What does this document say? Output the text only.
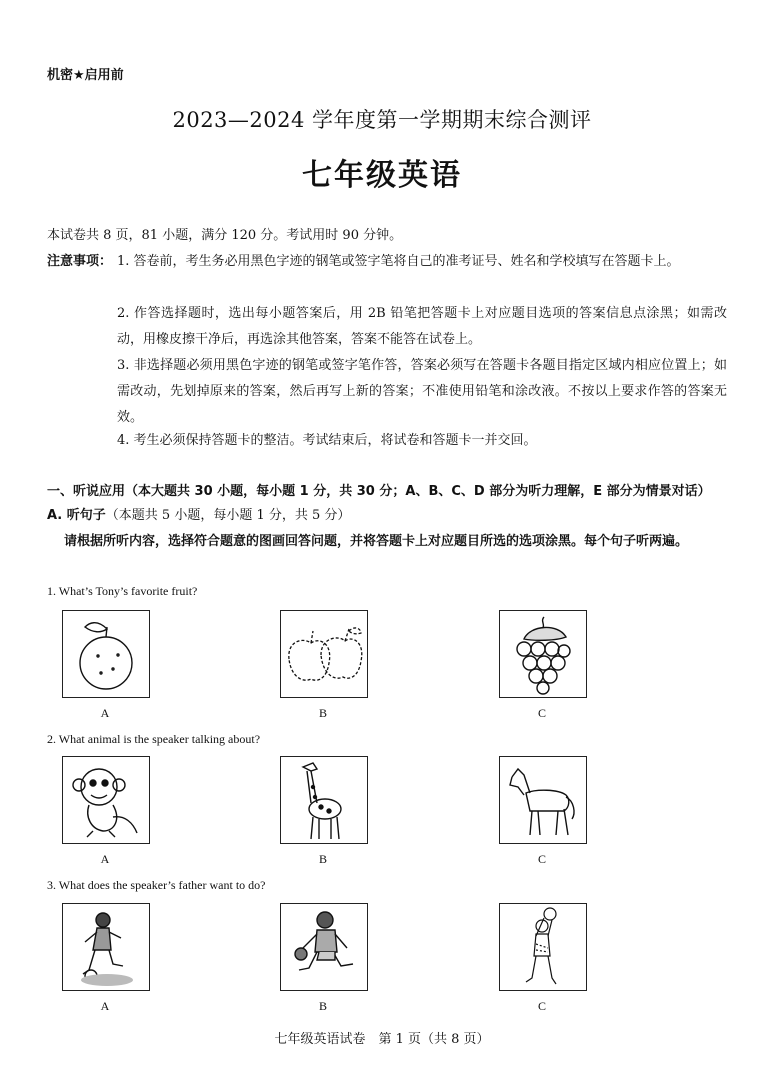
机密★启用前
2023—2024 学年度第一学期期末综合测评
七年级英语
本试卷共 8 页，81 小题，满分 120 分。考试用时 90 分钟。
注意事项： 1. 答卷前，考生务必用黑色字迹的钢笔或签字笔将自己的准考证号、姓名和学校填写在答题卡上。
2. 作答选择题时，选出每小题答案后，用 2B 铅笔把答题卡上对应题目选项的答案信息点涂黑；如需改动，用橡皮擦干净后，再选涂其他答案，答案不能答在试卷上。
3. 非选择题必须用黑色字迹的钢笔或签字笔作答，答案必须写在答题卡各题目指定区域内相应位置上；如需改动，先划掉原来的答案，然后再写上新的答案；不准使用铅笔和涂改液。不按以上要求作答的答案无效。
4. 考生必须保持答题卡的整洁。考试结束后，将试卷和答题卡一并交回。
一、听说应用（本大题共 30 小题，每小题 1 分，共 30 分；A、B、C、D 部分为听力理解，E 部分为情景对话）
A. 听句子（本题共 5 小题，每小题 1 分，共 5 分）
请根据所听内容，选择符合题意的图画回答问题，并将答题卡上对应题目所选的选项涂黑。每个句子听两遍。
1. What’s Tony’s favorite fruit?
A	B	C
2. What animal is the speaker talking about?
A	B	C
3. What does the speaker’s father want to do?
A	B	C
七年级英语试卷　第 1 页（共 8 页）
